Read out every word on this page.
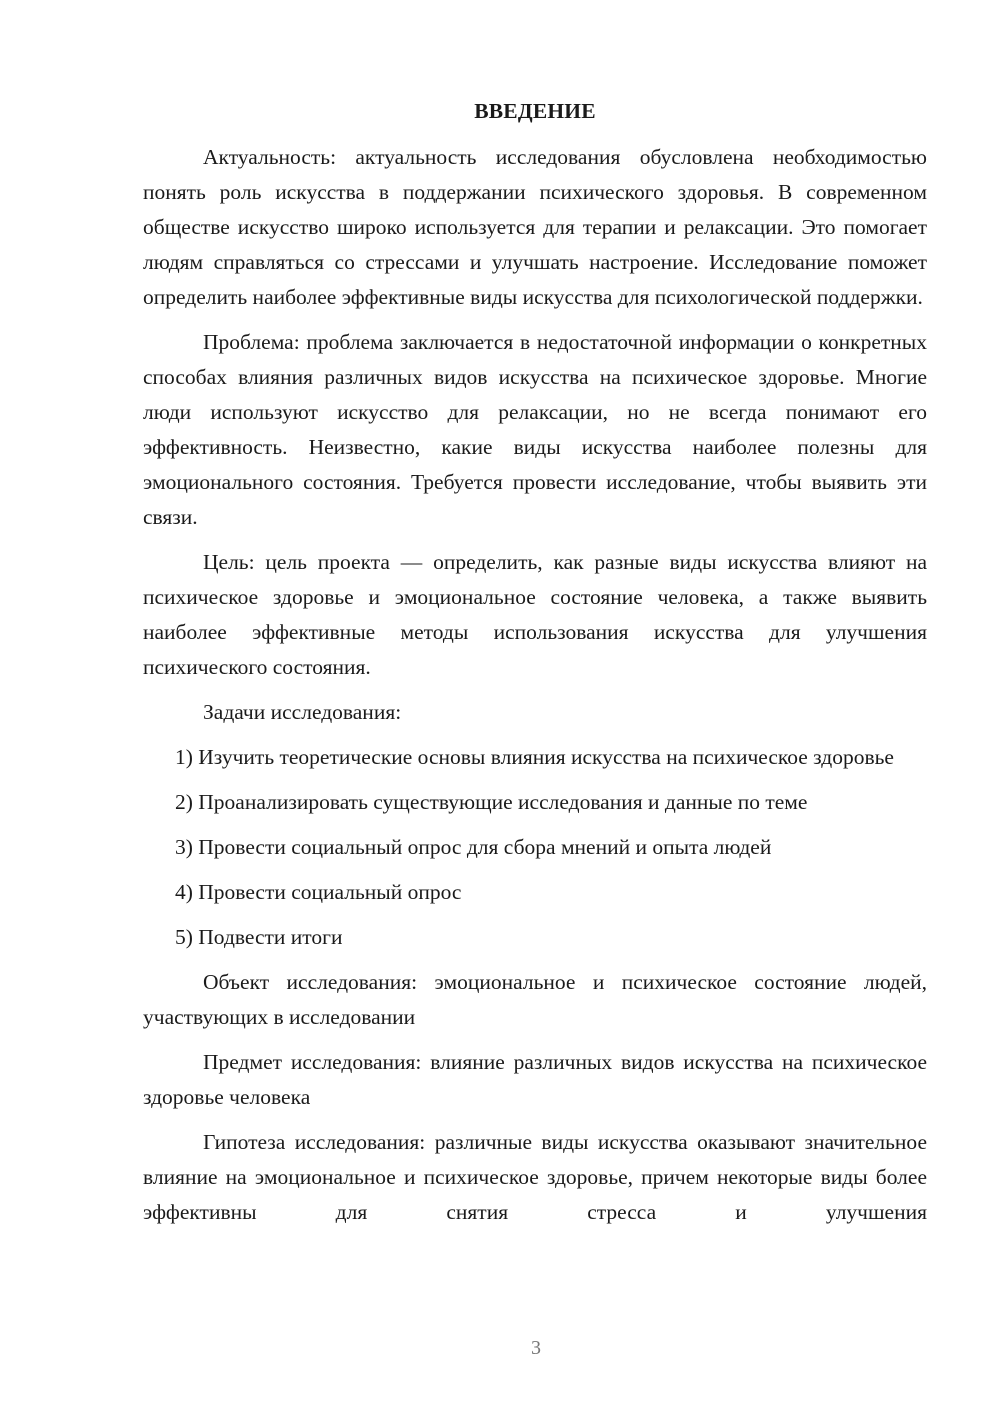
ВВЕДЕНИЕ

Актуальность: актуальность исследования обусловлена необходимостью понять роль искусства в поддержании психического здоровья. В современном обществе искусство широко используется для терапии и релаксации. Это помогает людям справляться со стрессами и улучшать настроение. Исследование поможет определить наиболее эффективные виды искусства для психологической поддержки.

Проблема: проблема заключается в недостаточной информации о конкретных способах влияния различных видов искусства на психическое здоровье. Многие люди используют искусство для релаксации, но не всегда понимают его эффективность. Неизвестно, какие виды искусства наиболее полезны для эмоционального состояния. Требуется провести исследование, чтобы выявить эти связи.

Цель: цель проекта — определить, как разные виды искусства влияют на психическое здоровье и эмоциональное состояние человека, а также выявить наиболее эффективные методы использования искусства для улучшения психического состояния.

Задачи исследования:

1) Изучить теоретические основы влияния искусства на психическое здоровье

2) Проанализировать существующие исследования и данные по теме

3) Провести социальный опрос для сбора мнений и опыта людей

4) Провести социальный опрос

5) Подвести итоги

Объект исследования: эмоциональное и психическое состояние людей, участвующих в исследовании

Предмет исследования: влияние различных видов искусства на психическое здоровье человека

Гипотеза исследования: различные виды искусства оказывают значительное влияние на эмоциональное и психическое здоровье, причем некоторые виды более эффективны для снятия стресса и улучшения

3
